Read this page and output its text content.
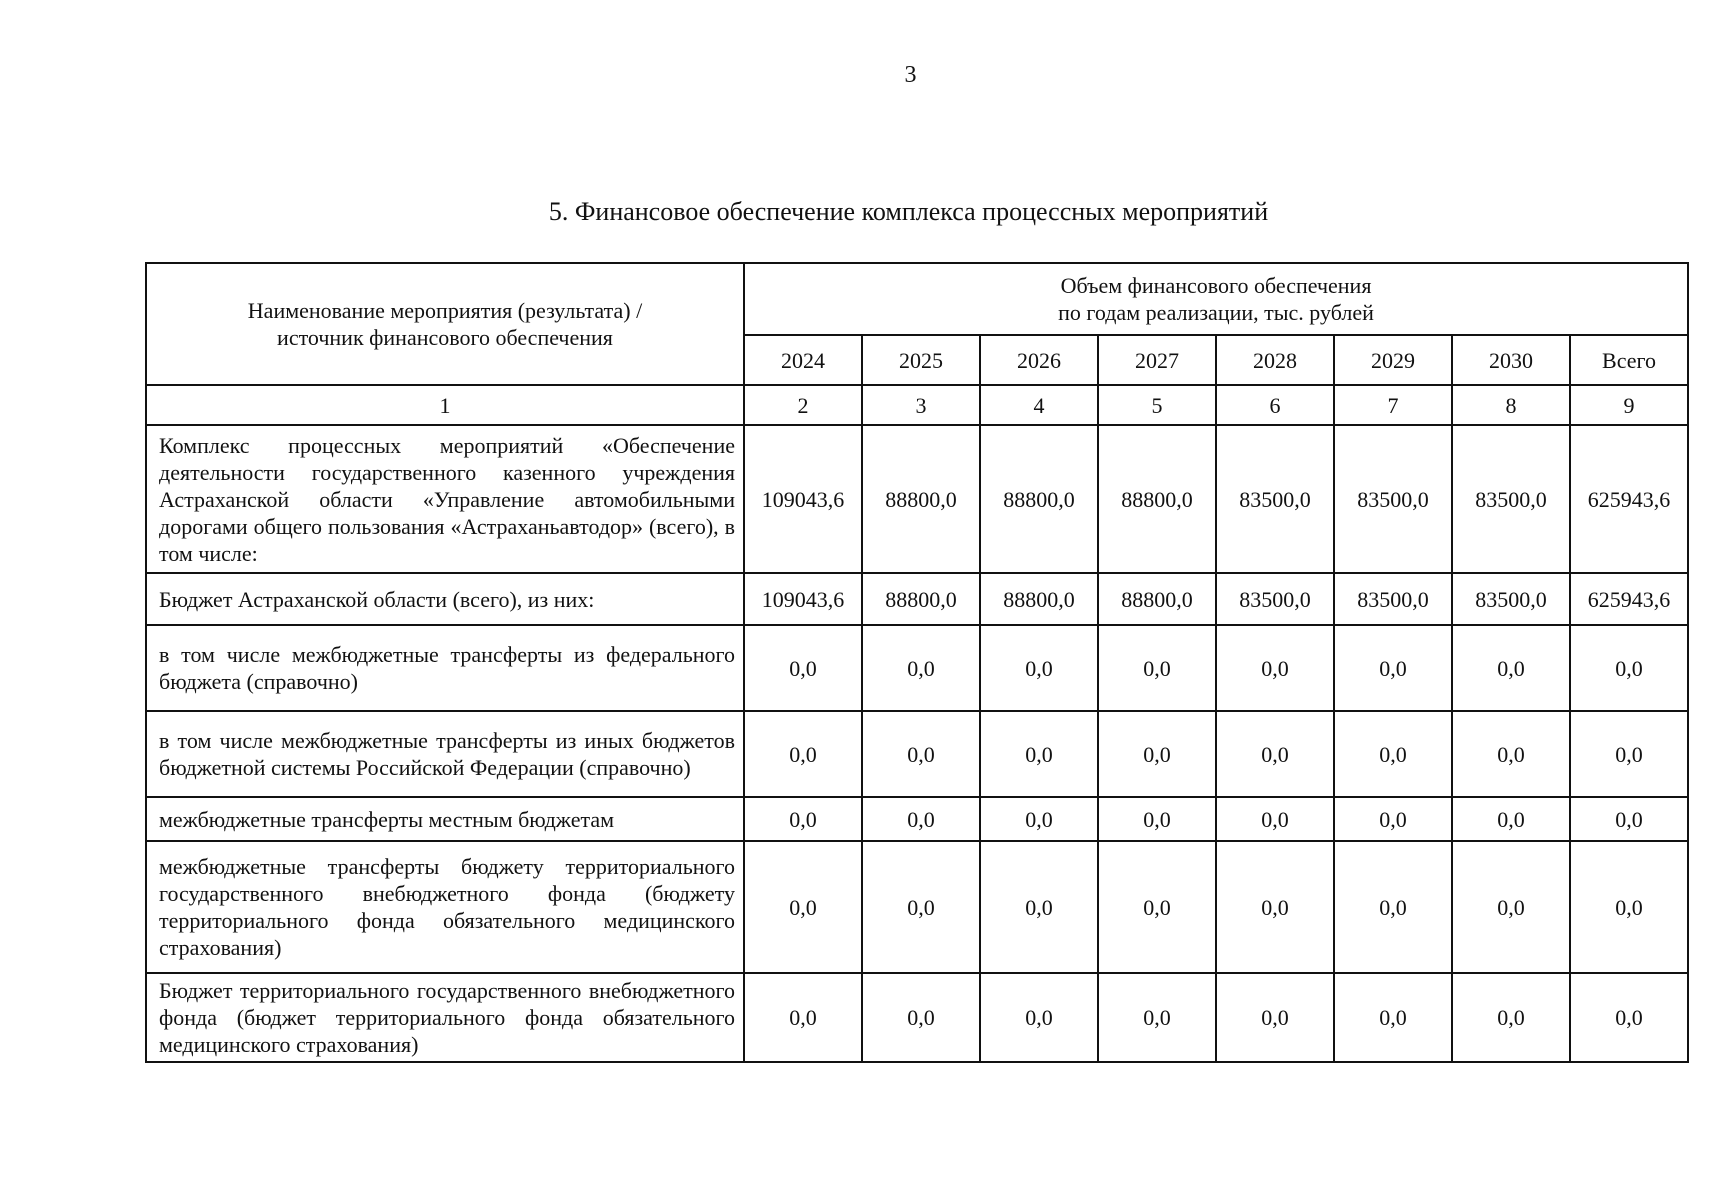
3
5. Финансовое обеспечение комплекса процессных мероприятий
Наименование мероприятия (результата) / источник финансового обеспечения	Объем финансового обеспечения
по годам реализации, тыс. рублей							

	2024	2025	2026	2027	2028	2029	2030	Всего
1	2	3	4	5	6	7	8	9
Комплекс процессных мероприятий «Обеспечение деятельности государственного казенного учреждения Астраханской области «Управление автомобильными дорогами общего пользования «Астраханьавтодор» (всего), в том числе:	109043,6	88800,0	88800,0	88800,0	83500,0	83500,0	83500,0	625943,6
Бюджет Астраханской области (всего), из них:	109043,6	88800,0	88800,0	88800,0	83500,0	83500,0	83500,0	625943,6
в том числе межбюджетные трансферты из федерального бюджета (справочно)	0,0	0,0	0,0	0,0	0,0	0,0	0,0	0,0
в том числе межбюджетные трансферты из иных бюджетов бюджетной системы Российской Федерации (справочно)	0,0	0,0	0,0	0,0	0,0	0,0	0,0	0,0
межбюджетные трансферты местным бюджетам	0,0	0,0	0,0	0,0	0,0	0,0	0,0	0,0
межбюджетные трансферты бюджету территориального государственного внебюджетного фонда (бюджету территориального фонда обязательного медицинского страхования)	0,0	0,0	0,0	0,0	0,0	0,0	0,0	0,0
Бюджет территориального государственного внебюджетного фонда (бюджет территориального фонда обязательного медицинского страхования)	0,0	0,0	0,0	0,0	0,0	0,0	0,0	0,0
